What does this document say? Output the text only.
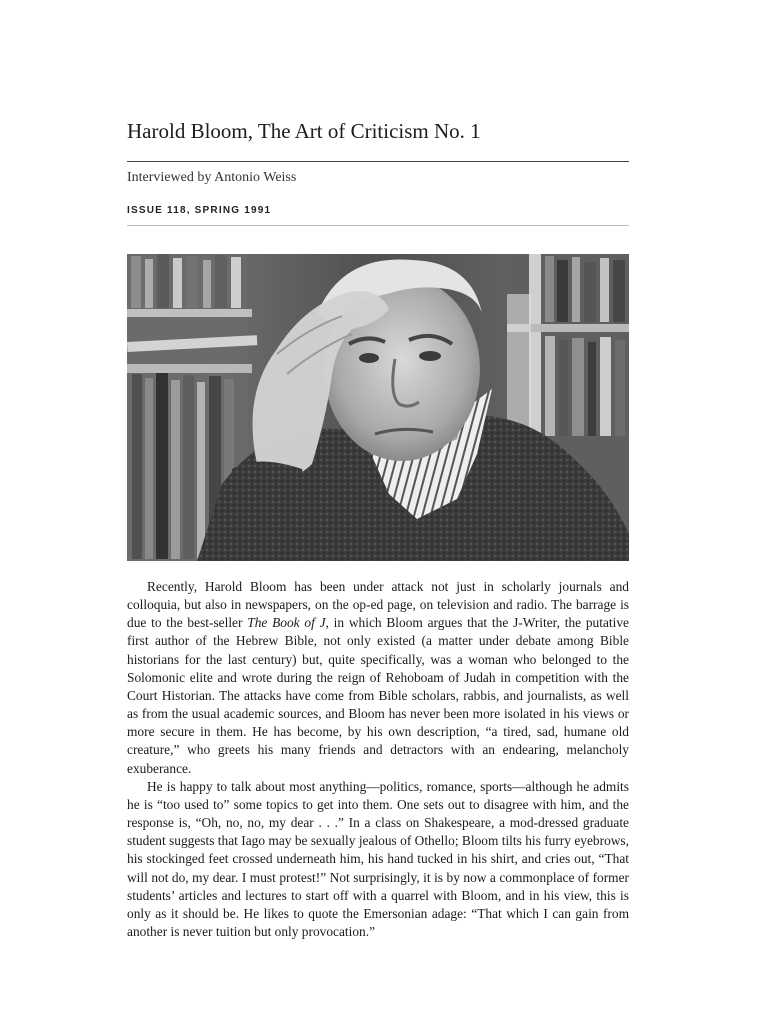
Harold Bloom, The Art of Criticism No. 1
Interviewed by Antonio Weiss
ISSUE 118, SPRING 1991

Recently, Harold Bloom has been under attack not just in scholarly journals and colloquia, but also in newspapers, on the op-ed page, on television and radio. The barrage is due to the best-seller The Book of J, in which Bloom argues that the J-Writer, the putative first author of the Hebrew Bible, not only existed (a matter under debate among Bible historians for the last century) but, quite specifically, was a woman who belonged to the Solomonic elite and wrote during the reign of Rehoboam of Judah in competition with the Court Historian. The attacks have come from Bible scholars, rabbis, and journalists, as well as from the usual academic sources, and Bloom has never been more isolated in his views or more secure in them. He has become, by his own description, “a tired, sad, humane old creature,” who greets his many friends and detractors with an endearing, melancholy exuberance.

He is happy to talk about most anything—politics, romance, sports—although he admits he is “too used to” some topics to get into them. One sets out to disagree with him, and the response is, “Oh, no, no, my dear . . .” In a class on Shakespeare, a mod-dressed graduate student suggests that Iago may be sexually jealous of Othello; Bloom tilts his furry eyebrows, his stockinged feet crossed underneath him, his hand tucked in his shirt, and cries out, “That will not do, my dear. I must protest!” Not surprisingly, it is by now a commonplace of former students’ articles and lectures to start off with a quarrel with Bloom, and in his view, this is only as it should be. He likes to quote the Emersonian adage: “That which I can gain from another is never tuition but only provocation.”
